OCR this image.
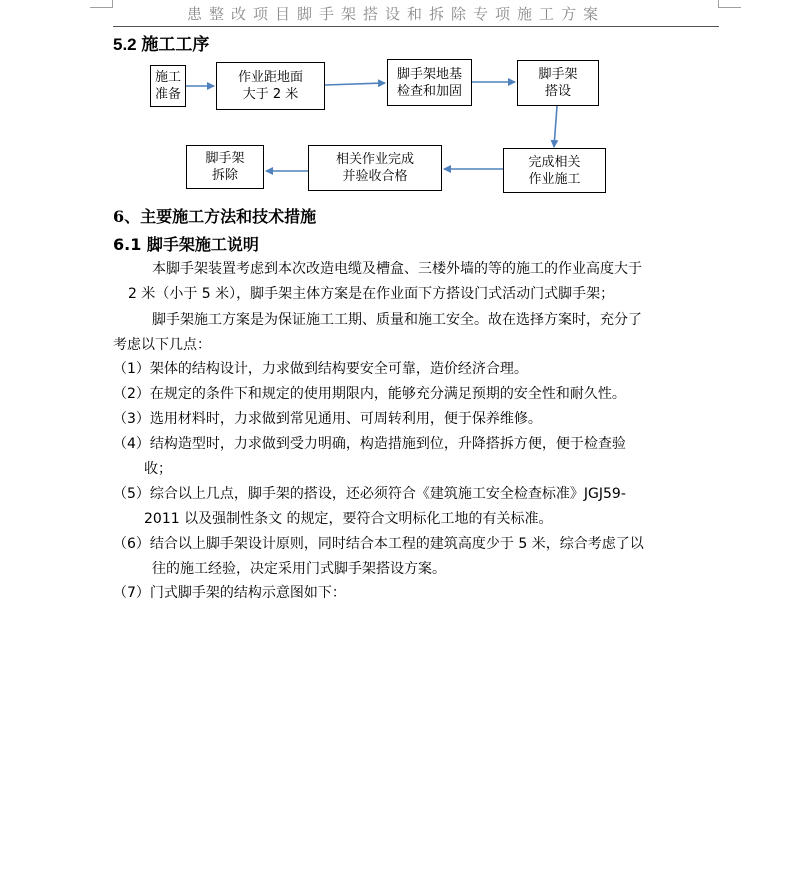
患整改项目脚手架搭设和拆除专项施工方案
5.2 施工工序
施工
准备
作业距地面
大于 2 米
脚手架地基
检查和加固
脚手架
搭设
完成相关
作业施工
相关作业完成
并验收合格
脚手架
拆除
6、主要施工方法和技术措施
6.1 脚手架施工说明
本脚手架装置考虑到本次改造电缆及槽盒、三楼外墙的等的施工的作业高度大于
2 米（小于 5 米），脚手架主体方案是在作业面下方搭设门式活动门式脚手架；
脚手架施工方案是为保证施工工期、质量和施工安全。故在选择方案时，充分了
考虑以下几点：
（1）架体的结构设计，力求做到结构要安全可靠，造价经济合理。
（2）在规定的条件下和规定的使用期限内，能够充分满足预期的安全性和耐久性。
（3）选用材料时，力求做到常见通用、可周转利用，便于保养维修。
（4）结构造型时，力求做到受力明确，构造措施到位，升降搭拆方便，便于检查验
收；
（5）综合以上几点，脚手架的搭设，还必须符合《建筑施工安全检查标准》JGJ59-
2011 以及强制性条文 的规定，要符合文明标化工地的有关标准。
（6）结合以上脚手架设计原则，同时结合本工程的建筑高度少于 5 米，综合考虑了以
往的施工经验，决定采用门式脚手架搭设方案。
（7）门式脚手架的结构示意图如下：
